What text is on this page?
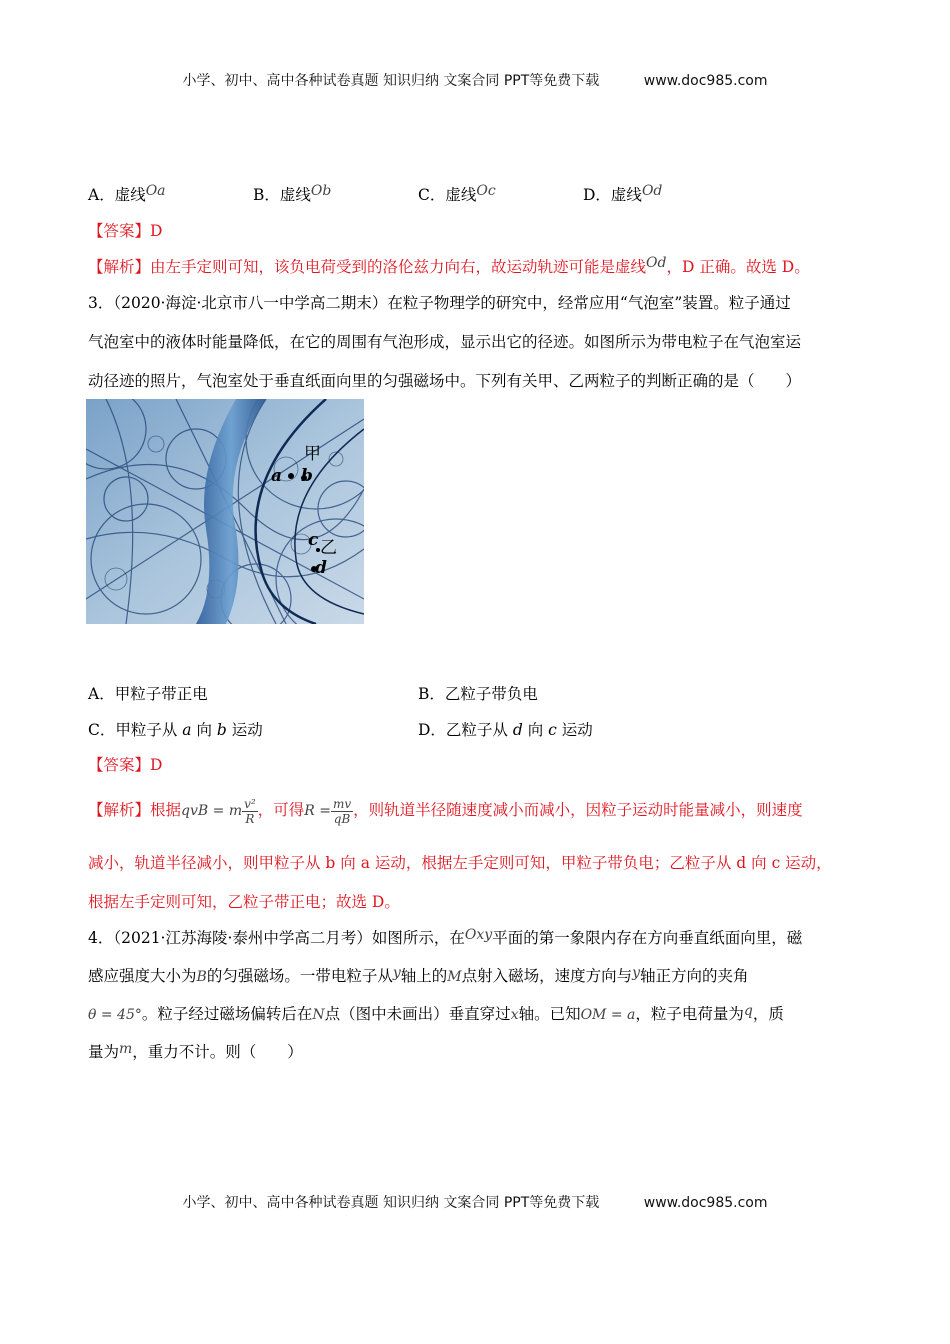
小学、初中、高中各种试卷真题 知识归纳 文案合同 PPT等免费下载	www.doc985.com
A．虚线Oa	B．虚线Ob	C．虚线Oc	D．虚线Od
【答案】D
【解析】由左手定则可知，该负电荷受到的洛伦兹力向右，故运动轨迹可能是虚线Od，D 正确。故选 D。
3．（2020·海淀·北京市八一中学高二期末）在粒子物理学的研究中，经常应用“气泡室”装置。粒子通过
气泡室中的液体时能量降低，在它的周围有气泡形成，显示出它的径迹。如图所示为带电粒子在气泡室运
动径迹的照片，气泡室处于垂直纸面向里的匀强磁场中。下列有关甲、乙两粒子的判断正确的是（　　）
甲
a b
c 乙
d
A．甲粒子带正电	B．乙粒子带负电
C．甲粒子从 a 向 b 运动	D．乙粒子从 d 向 c 运动
【答案】D
【解析】根据qvB = m $\frac{\text{v²}}{R}$ ，可得$R = \frac{mv}{qB}$ ，则轨道半径随速度减小而减小，因粒子运动时能量减小，则速度
减小，轨道半径减小，则甲粒子从 b 向 a 运动，根据左手定则可知，甲粒子带负电；乙粒子从 d 向 c 运动，
根据左手定则可知，乙粒子带正电；故选 D。
4．（2021·江苏海陵·泰州中学高二月考）如图所示，在Oxy平面的第一象限内存在方向垂直纸面向里，磁
感应强度大小为B的匀强磁场。一带电粒子从y轴上的M点射入磁场，速度方向与y轴正方向的夹角
θ = 45°。粒子经过磁场偏转后在N点（图中未画出）垂直穿过x轴。已知OM = a，粒子电荷量为q，质
量为m，重力不计。则（　　）
小学、初中、高中各种试卷真题 知识归纳 文案合同 PPT等免费下载	www.doc985.com
